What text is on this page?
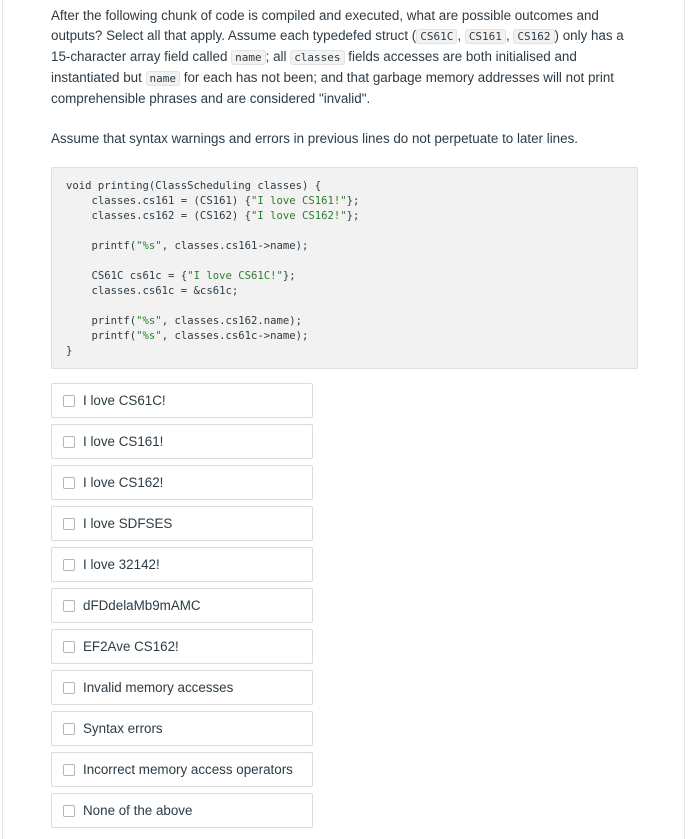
After the following chunk of code is compiled and executed, what are possible outcomes and outputs? Select all that apply. Assume each typedefed struct ( CS61C , CS161 , CS162 ) only has a 15-character array field called name ; all classes fields accesses are both initialised and instantiated but name for each has not been; and that garbage memory addresses will not print comprehensible phrases and are considered "invalid".

Assume that syntax warnings and errors in previous lines do not perpetuate to later lines.

void printing(ClassScheduling classes) {
classes.cs161 = (CS161) {"I love CS161!"};
classes.cs162 = (CS162) {"I love CS162!"};
printf("%s", classes.cs161->name);
CS61C cs61c = {"I love CS61C!"};
classes.cs61c = &cs61c;
printf("%s", classes.cs162.name);
printf("%s", classes.cs61c->name);
}
I love CS61C!
I love CS161!
I love CS162!
I love SDFSES
I love 32142!
dFDdelaMb9mAMC
EF2Ave CS162!
Invalid memory accesses
Syntax errors
Incorrect memory access operators
None of the above
